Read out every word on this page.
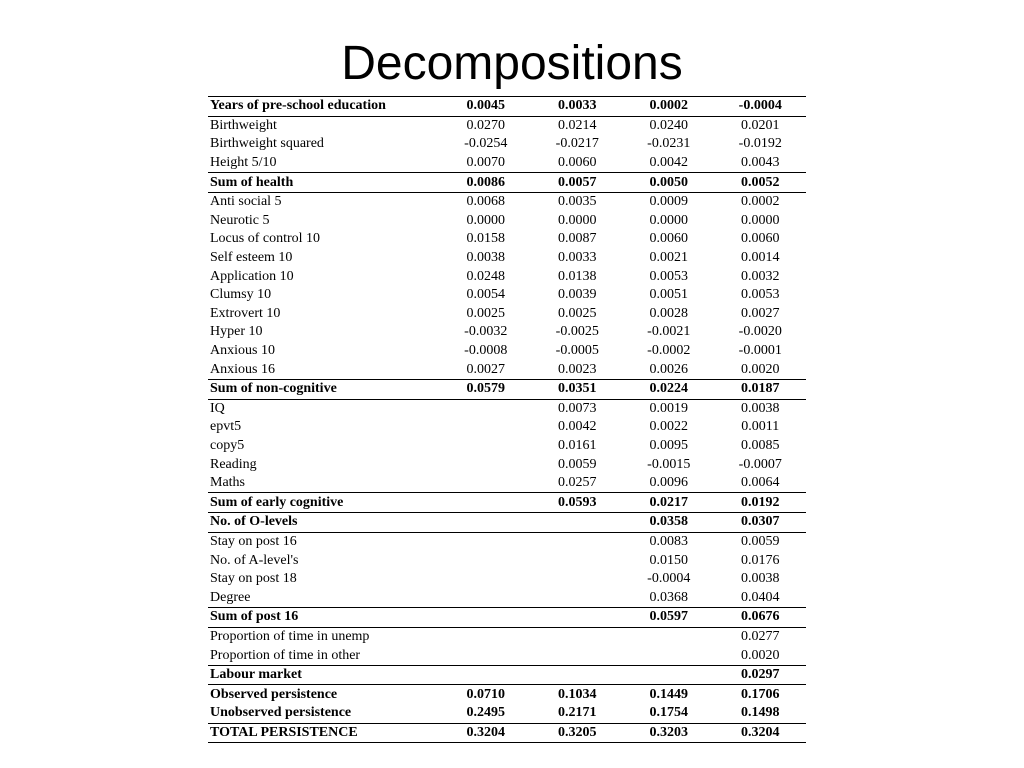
Decompositions
Years of pre-school education	0.0045	0.0033	0.0002	-0.0004
Birthweight	0.0270	0.0214	0.0240	0.0201
Birthweight squared	-0.0254	-0.0217	-0.0231	-0.0192
Height 5/10	0.0070	0.0060	0.0042	0.0043
Sum of health	0.0086	0.0057	0.0050	0.0052
Anti social 5	0.0068	0.0035	0.0009	0.0002
Neurotic 5	0.0000	0.0000	0.0000	0.0000
Locus of control 10	0.0158	0.0087	0.0060	0.0060
Self esteem 10	0.0038	0.0033	0.0021	0.0014
Application 10	0.0248	0.0138	0.0053	0.0032
Clumsy 10	0.0054	0.0039	0.0051	0.0053
Extrovert 10	0.0025	0.0025	0.0028	0.0027
Hyper 10	-0.0032	-0.0025	-0.0021	-0.0020
Anxious 10	-0.0008	-0.0005	-0.0002	-0.0001
Anxious 16	0.0027	0.0023	0.0026	0.0020
Sum of non-cognitive	0.0579	0.0351	0.0224	0.0187
IQ		0.0073	0.0019	0.0038
epvt5		0.0042	0.0022	0.0011
copy5		0.0161	0.0095	0.0085
Reading		0.0059	-0.0015	-0.0007
Maths		0.0257	0.0096	0.0064
Sum of early cognitive		0.0593	0.0217	0.0192
No. of O-levels			0.0358	0.0307
Stay on post 16			0.0083	0.0059
No. of A-level's			0.0150	0.0176
Stay on post 18			-0.0004	0.0038
Degree			0.0368	0.0404
Sum of post 16			0.0597	0.0676
Proportion of time in unemp				0.0277
Proportion of time in other				0.0020
Labour market				0.0297
Observed persistence	0.0710	0.1034	0.1449	0.1706
Unobserved persistence	0.2495	0.2171	0.1754	0.1498
TOTAL PERSISTENCE	0.3204	0.3205	0.3203	0.3204
